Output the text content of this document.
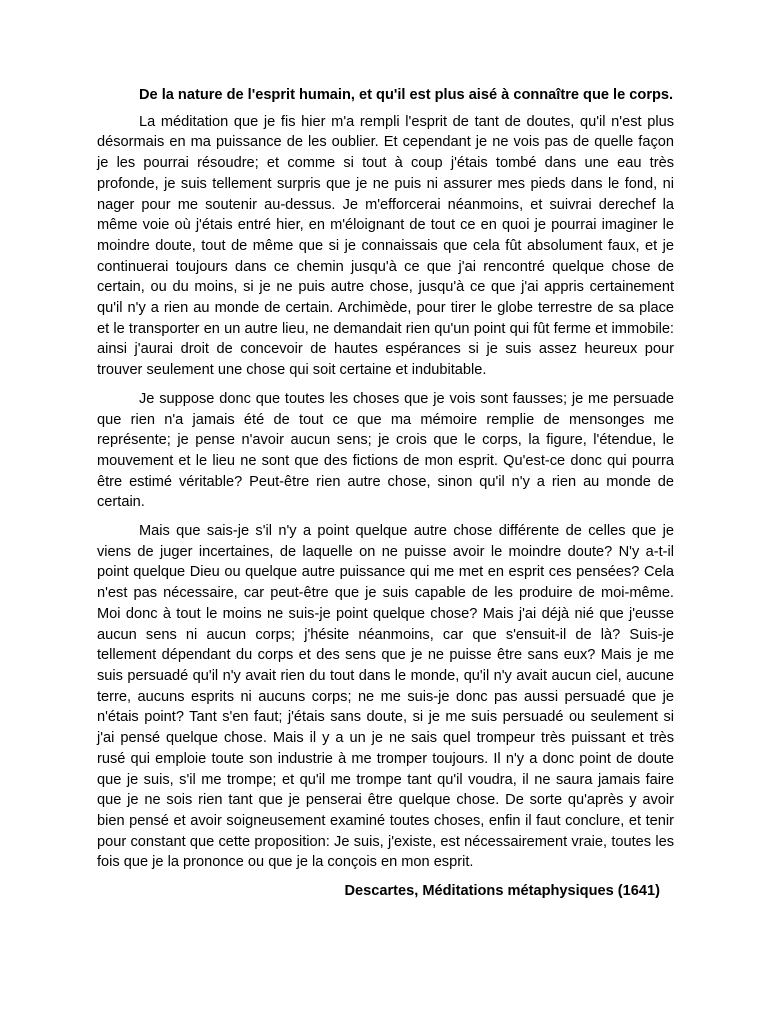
De la nature de l'esprit humain, et qu'il est plus aisé à connaître que le corps.

La méditation que je fis hier m'a rempli l'esprit de tant de doutes, qu'il n'est plus désormais en ma puissance de les oublier. Et cependant je ne vois pas de quelle façon je les pourrai résoudre; et comme si tout à coup j'étais tombé dans une eau très profonde, je suis tellement surpris que je ne puis ni assurer mes pieds dans le fond, ni nager pour me soutenir au-dessus. Je m'efforcerai néanmoins, et suivrai derechef la même voie où j'étais entré hier, en m'éloignant de tout ce en quoi je pourrai imaginer le moindre doute, tout de même que si je connaissais que cela fût absolument faux, et je continuerai toujours dans ce chemin jusqu'à ce que j'ai rencontré quelque chose de certain, ou du moins, si je ne puis autre chose, jusqu'à ce que j'ai appris certainement qu'il n'y a rien au monde de certain. Archimède, pour tirer le globe terrestre de sa place et le transporter en un autre lieu, ne demandait rien qu'un point qui fût ferme et immobile: ainsi j'aurai droit de concevoir de hautes espérances si je suis assez heureux pour trouver seulement une chose qui soit certaine et indubitable.

Je suppose donc que toutes les choses que je vois sont fausses; je me persuade que rien n'a jamais été de tout ce que ma mémoire remplie de mensonges me représente; je pense n'avoir aucun sens; je crois que le corps, la figure, l'étendue, le mouvement et le lieu ne sont que des fictions de mon esprit. Qu'est-ce donc qui pourra être estimé véritable? Peut-être rien autre chose, sinon qu'il n'y a rien au monde de certain.

Mais que sais-je s'il n'y a point quelque autre chose différente de celles que je viens de juger incertaines, de laquelle on ne puisse avoir le moindre doute? N'y a-t-il point quelque Dieu ou quelque autre puissance qui me met en esprit ces pensées? Cela n'est pas nécessaire, car peut-être que je suis capable de les produire de moi-même. Moi donc à tout le moins ne suis-je point quelque chose? Mais j'ai déjà nié que j'eusse aucun sens ni aucun corps; j'hésite néanmoins, car que s'ensuit-il de là? Suis-je tellement dépendant du corps et des sens que je ne puisse être sans eux? Mais je me suis persuadé qu'il n'y avait rien du tout dans le monde, qu'il n'y avait aucun ciel, aucune terre, aucuns esprits ni aucuns corps; ne me suis-je donc pas aussi persuadé que je n'étais point? Tant s'en faut; j'étais sans doute, si je me suis persuadé ou seulement si j'ai pensé quelque chose. Mais il y a un je ne sais quel trompeur très puissant et très rusé qui emploie toute son industrie à me tromper toujours. Il n'y a donc point de doute que je suis, s'il me trompe; et qu'il me trompe tant qu'il voudra, il ne saura jamais faire que je ne sois rien tant que je penserai être quelque chose. De sorte qu'après y avoir bien pensé et avoir soigneusement examiné toutes choses, enfin il faut conclure, et tenir pour constant que cette proposition: Je suis, j'existe, est nécessairement vraie, toutes les fois que je la prononce ou que je la conçois en mon esprit.

Descartes, Méditations métaphysiques (1641)
